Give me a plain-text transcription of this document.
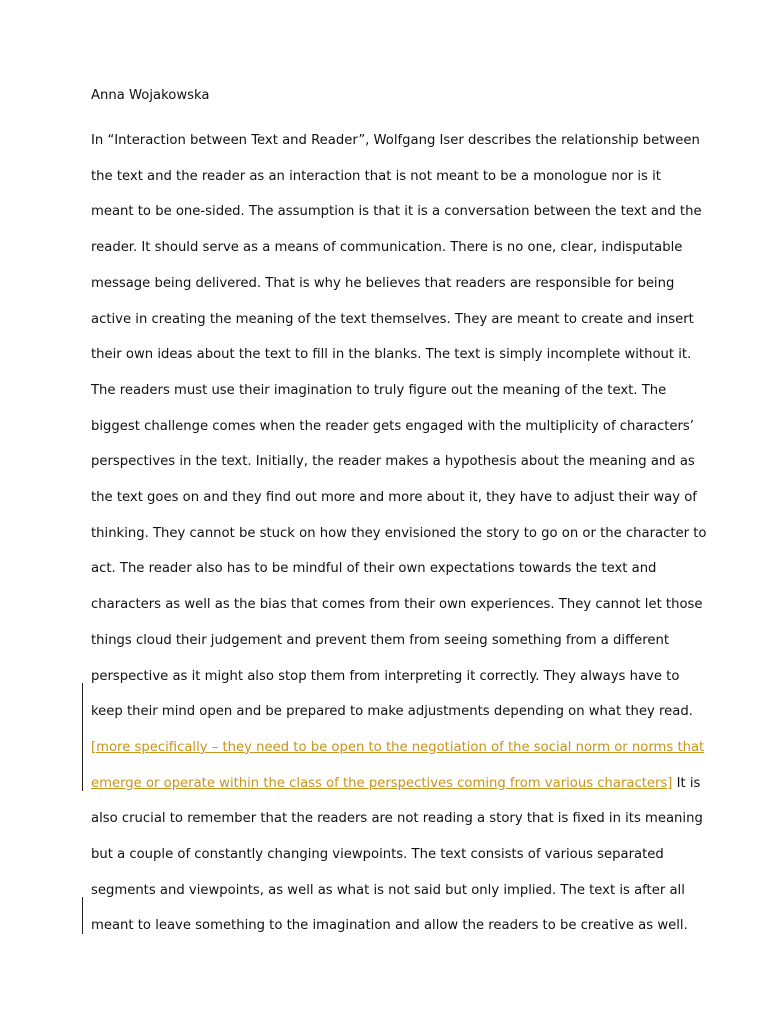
Anna Wojakowska
In “Interaction between Text and Reader”, Wolfgang Iser describes the relationship between
the text and the reader as an interaction that is not meant to be a monologue nor is it
meant to be one-sided. The assumption is that it is a conversation between the text and the
reader. It should serve as a means of communication. There is no one, clear, indisputable
message being delivered. That is why he believes that readers are responsible for being
active in creating the meaning of the text themselves. They are meant to create and insert
their own ideas about the text to fill in the blanks. The text is simply incomplete without it.
The readers must use their imagination to truly figure out the meaning of the text. The
biggest challenge comes when the reader gets engaged with the multiplicity of characters’
perspectives in the text. Initially, the reader makes a hypothesis about the meaning and as
the text goes on and they find out more and more about it, they have to adjust their way of
thinking. They cannot be stuck on how they envisioned the story to go on or the character to
act. The reader also has to be mindful of their own expectations towards the text and
characters as well as the bias that comes from their own experiences. They cannot let those
things cloud their judgement and prevent them from seeing something from a different
perspective as it might also stop them from interpreting it correctly. They always have to
keep their mind open and be prepared to make adjustments depending on what they read.
[more specifically – they need to be open to the negotiation of the social norm or norms that
emerge or operate within the class of the perspectives coming from various characters] It is
also crucial to remember that the readers are not reading a story that is fixed in its meaning
but a couple of constantly changing viewpoints. The text consists of various separated
segments and viewpoints, as well as what is not said but only implied. The text is after all
meant to leave something to the imagination and allow the readers to be creative as well.
